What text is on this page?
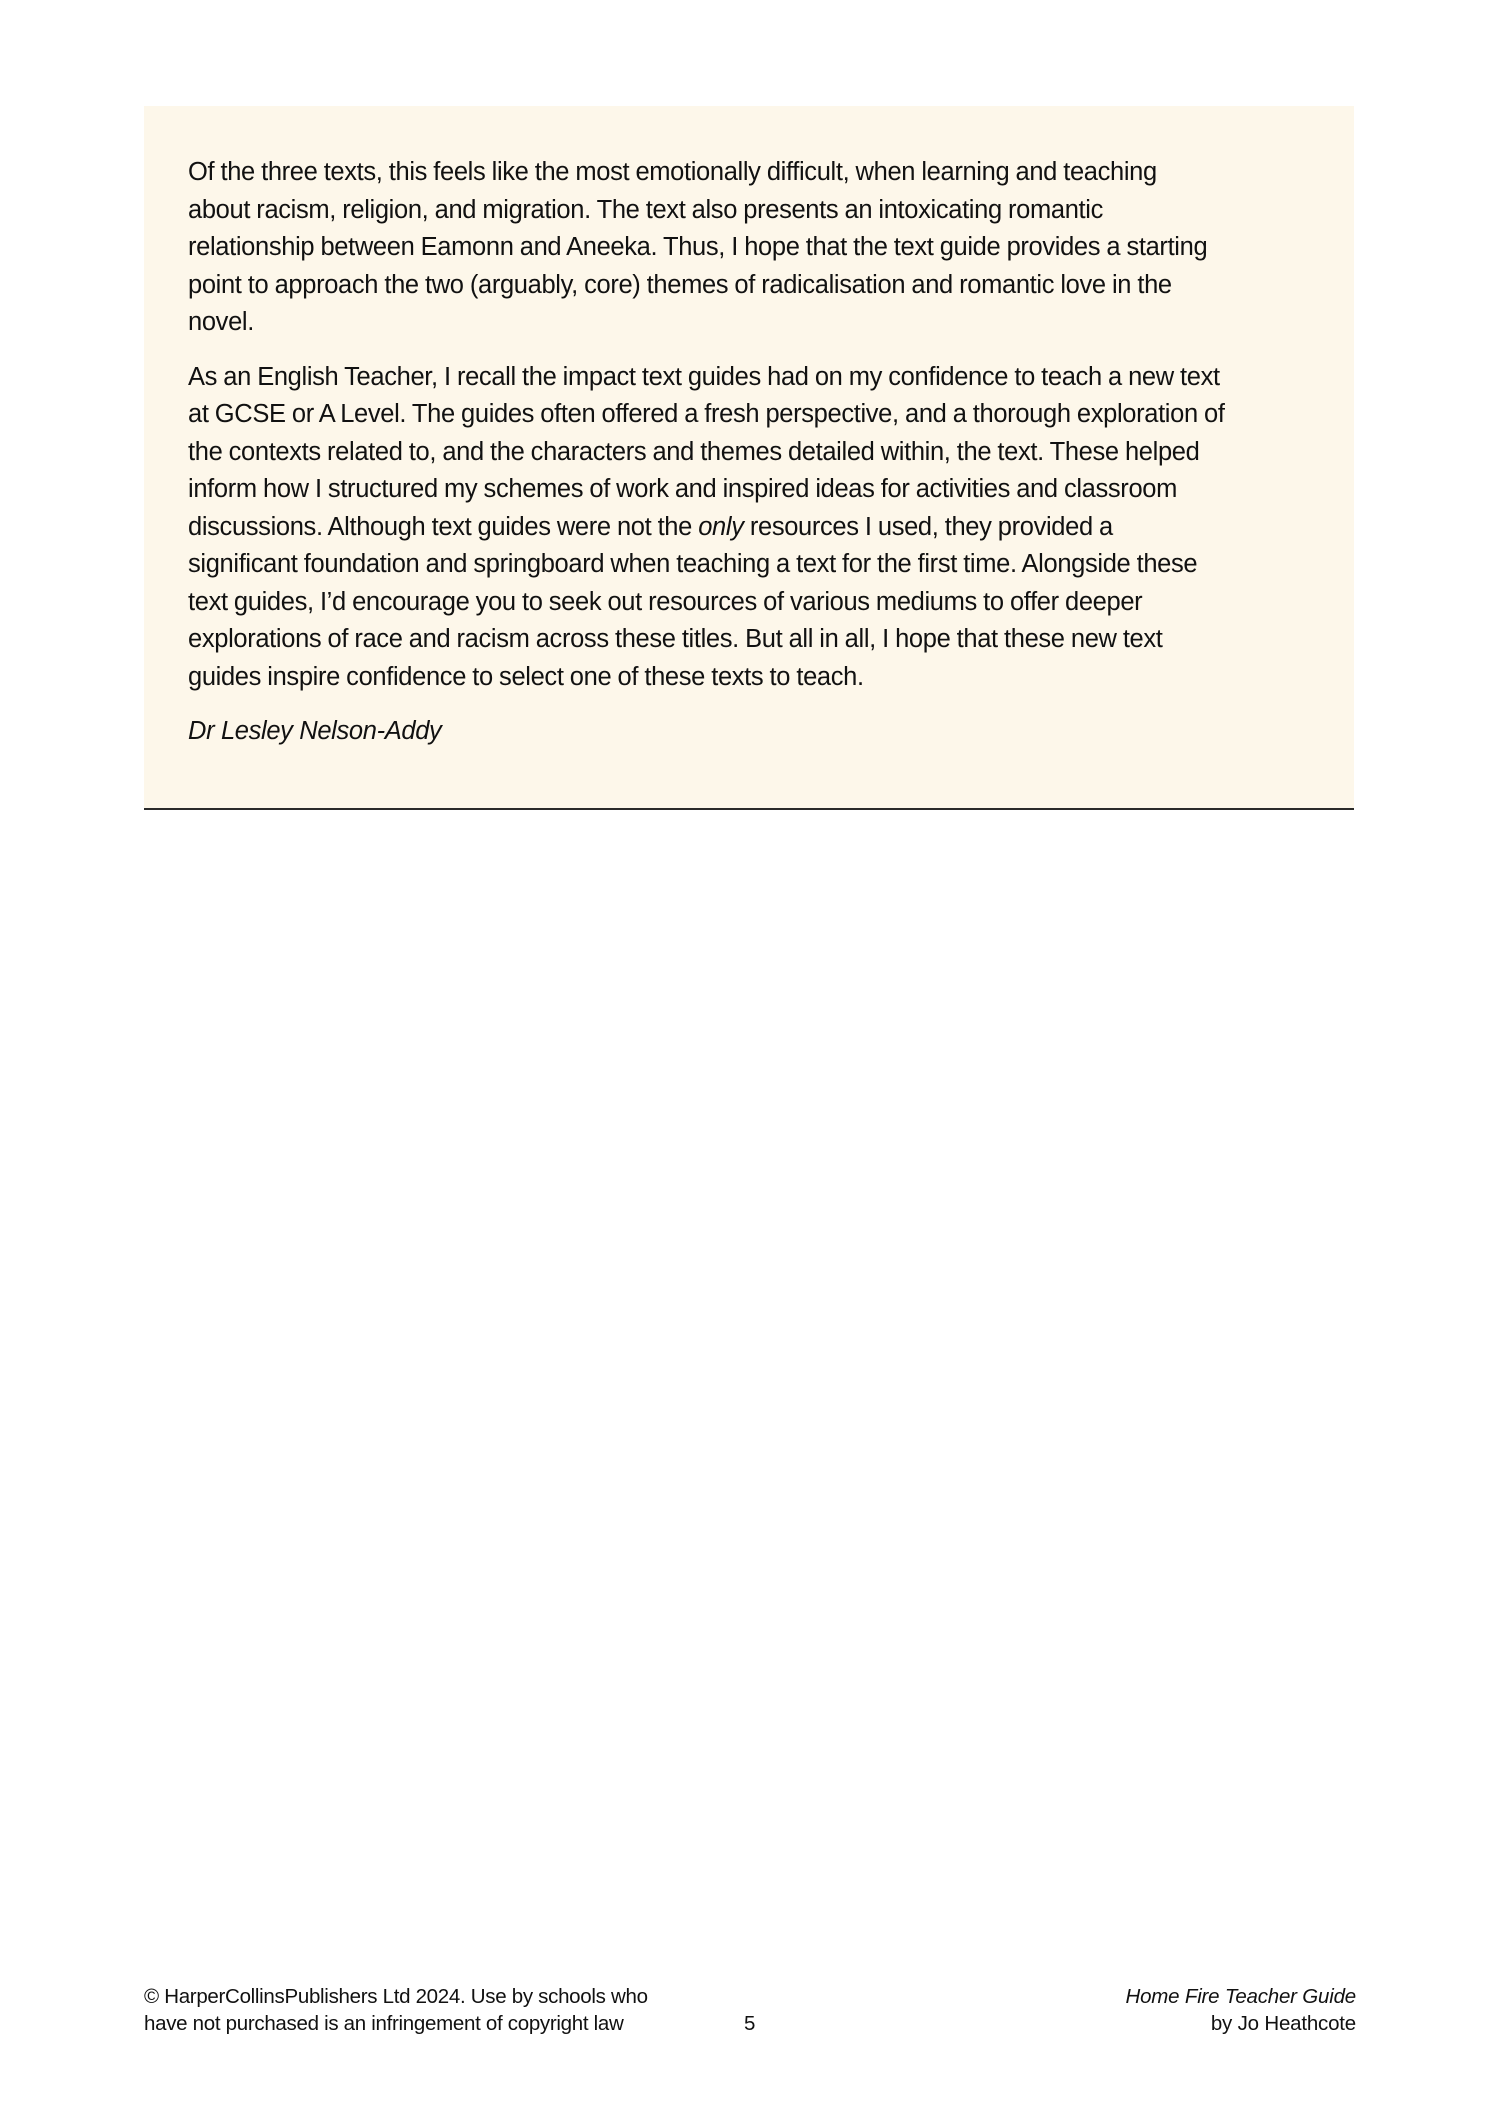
Of the three texts, this feels like the most emotionally difficult, when learning and teaching
about racism, religion, and migration. The text also presents an intoxicating romantic
relationship between Eamonn and Aneeka. Thus, I hope that the text guide provides a starting
point to approach the two (arguably, core) themes of radicalisation and romantic love in the
novel.

As an English Teacher, I recall the impact text guides had on my confidence to teach a new text
at GCSE or A Level. The guides often offered a fresh perspective, and a thorough exploration of
the contexts related to, and the characters and themes detailed within, the text. These helped
inform how I structured my schemes of work and inspired ideas for activities and classroom
discussions. Although text guides were not the only resources I used, they provided a
significant foundation and springboard when teaching a text for the first time. Alongside these
text guides, I’d encourage you to seek out resources of various mediums to offer deeper
explorations of race and racism across these titles. But all in all, I hope that these new text
guides inspire confidence to select one of these texts to teach.

Dr Lesley Nelson-Addy

© HarperCollinsPublishers Ltd 2024. Use by schools who
have not purchased is an infringement of copyright law	5
Home Fire Teacher Guide
by Jo Heathcote
